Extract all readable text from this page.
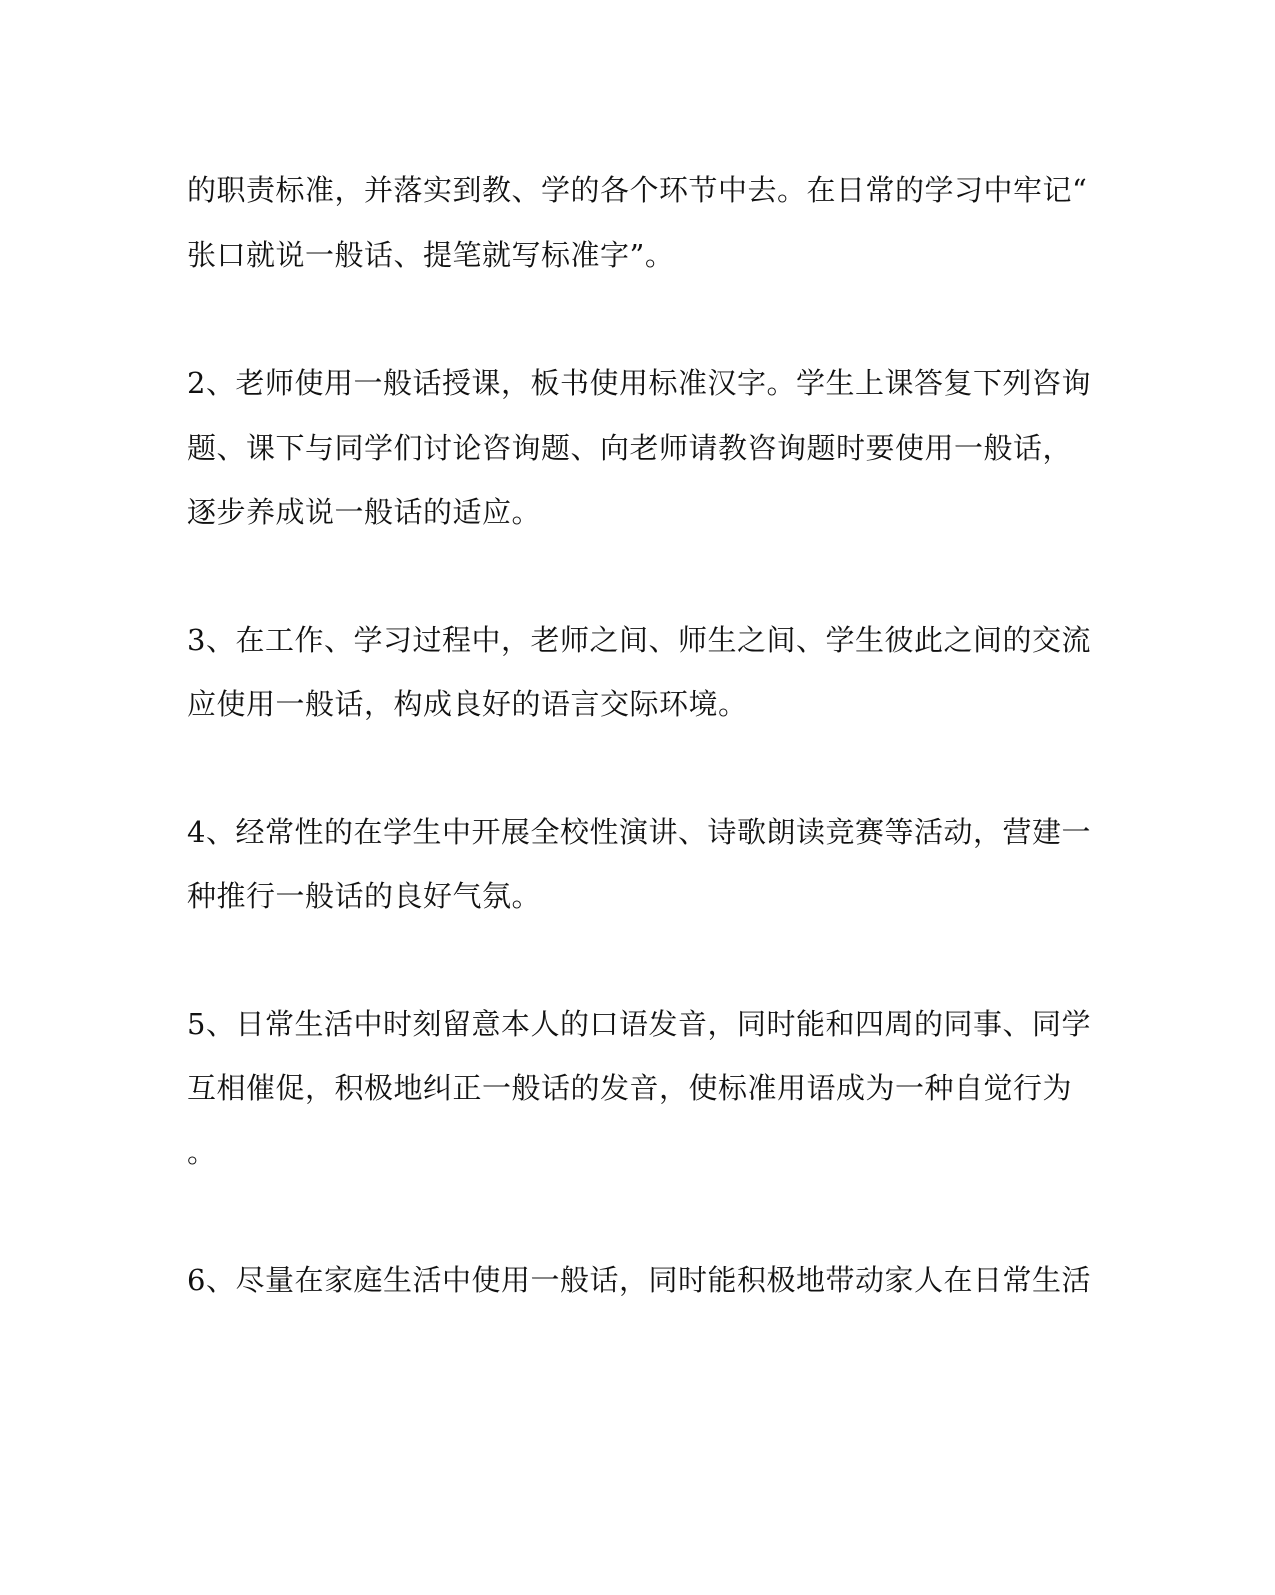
的职责标准，并落实到教、学的各个环节中去。在日常的学习中牢记“
张口就说一般话、提笔就写标准字”。
2、老师使用一般话授课，板书使用标准汉字。学生上课答复下列咨询
题、课下与同学们讨论咨询题、向老师请教咨询题时要使用一般话，
逐步养成说一般话的适应。
3、在工作、学习过程中，老师之间、师生之间、学生彼此之间的交流
应使用一般话，构成良好的语言交际环境。
4、经常性的在学生中开展全校性演讲、诗歌朗读竞赛等活动，营建一
种推行一般话的良好气氛。
5、日常生活中时刻留意本人的口语发音，同时能和四周的同事、同学
互相催促，积极地纠正一般话的发音，使标准用语成为一种自觉行为
。
6、尽量在家庭生活中使用一般话，同时能积极地带动家人在日常生活
